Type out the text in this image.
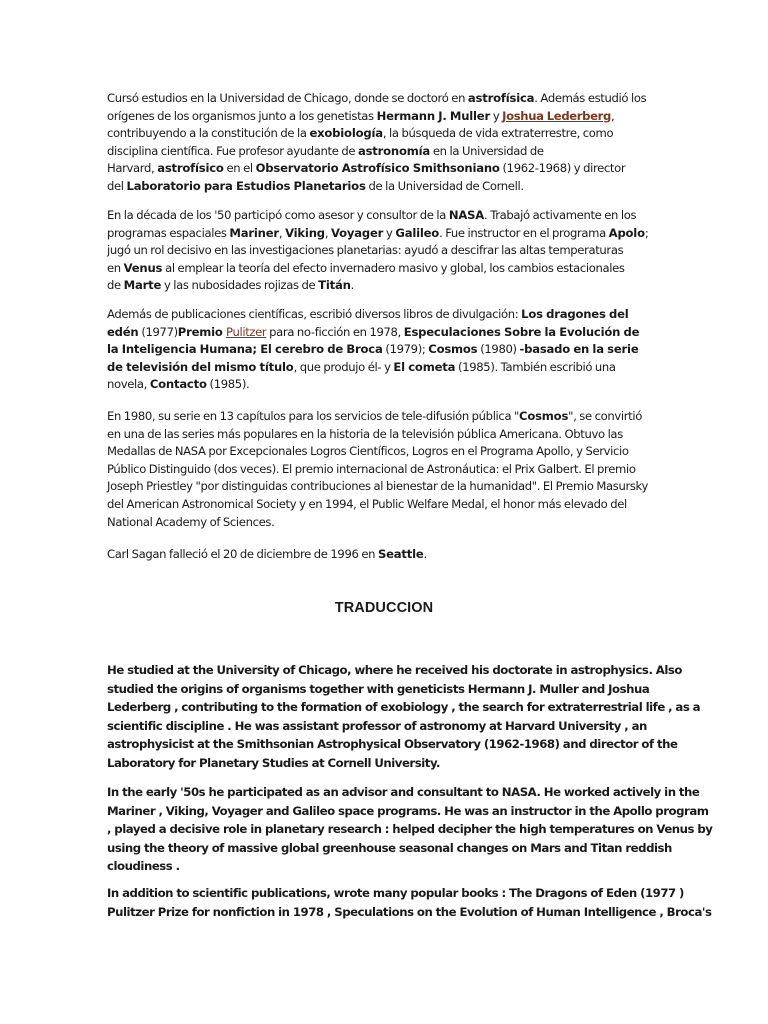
Cursó estudios en la Universidad de Chicago, donde se doctoró en astrofísica. Además estudió los
orígenes de los organismos junto a los genetistas Hermann J. Muller y Joshua Lederberg,
contribuyendo a la constitución de la exobiología, la búsqueda de vida extraterrestre, como
disciplina científica. Fue profesor ayudante de astronomía en la Universidad de
Harvard, astrofísico en el Observatorio Astrofísico Smithsoniano (1962-1968) y director
del Laboratorio para Estudios Planetarios de la Universidad de Cornell.

En la década de los '50 participó como asesor y consultor de la NASA. Trabajó activamente en los
programas espaciales Mariner, Viking, Voyager y Galileo. Fue instructor en el programa Apolo;
jugó un rol decisivo en las investigaciones planetarias: ayudó a descifrar las altas temperaturas
en Venus al emplear la teoría del efecto invernadero masivo y global, los cambios estacionales
de Marte y las nubosidades rojizas de Titán.

Además de publicaciones científicas, escribió diversos libros de divulgación: Los dragones del
edén (1977)Premio Pulitzer para no-ficción en 1978, Especulaciones Sobre la Evolución de
la Inteligencia Humana; El cerebro de Broca (1979); Cosmos (1980) -basado en la serie
de televisión del mismo título, que produjo él- y El cometa (1985). También escribió una
novela, Contacto (1985).

En 1980, su serie en 13 capítulos para los servicios de tele-difusión pública "Cosmos", se convirtió
en una de las series más populares en la historia de la televisión pública Americana. Obtuvo las
Medallas de NASA por Excepcionales Logros Científicos, Logros en el Programa Apollo, y Servicio
Público Distinguido (dos veces). El premio internacional de Astronáutica: el Prix Galbert. El premio
Joseph Priestley "por distinguidas contribuciones al bienestar de la humanidad". El Premio Masursky
del American Astronomical Society y en 1994, el Public Welfare Medal, el honor más elevado del
National Academy of Sciences.

Carl Sagan falleció el 20 de diciembre de 1996 en Seattle.

TRADUCCION

He studied at the University of Chicago, where he received his doctorate in astrophysics. Also
studied the origins of organisms together with geneticists Hermann J. Muller and Joshua
Lederberg , contributing to the formation of exobiology , the search for extraterrestrial life , as a
scientific discipline . He was assistant professor of astronomy at Harvard University , an
astrophysicist at the Smithsonian Astrophysical Observatory (1962-1968) and director of the
Laboratory for Planetary Studies at Cornell University.

In the early '50s he participated as an advisor and consultant to NASA. He worked actively in the
Mariner , Viking, Voyager and Galileo space programs. He was an instructor in the Apollo program
, played a decisive role in planetary research : helped decipher the high temperatures on Venus by
using the theory of massive global greenhouse seasonal changes on Mars and Titan reddish
cloudiness .

In addition to scientific publications, wrote many popular books : The Dragons of Eden (1977 )
Pulitzer Prize for nonfiction in 1978 , Speculations on the Evolution of Human Intelligence , Broca's
